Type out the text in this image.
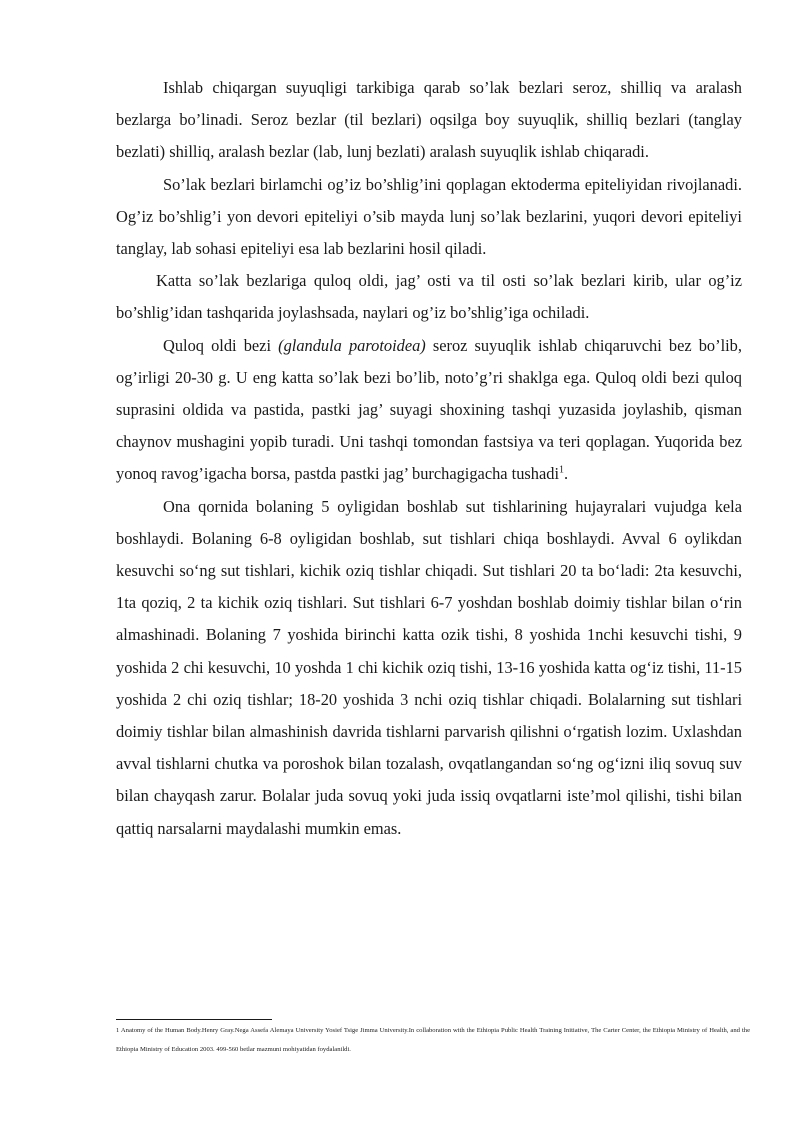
Ishlab chiqargan suyuqligi tarkibiga qarab so’lak bezlari seroz, shilliq va aralash bezlarga bo’linadi. Seroz bezlar (til bezlari) oqsilga boy suyuqlik, shilliq bezlari (tanglay bezlati) shilliq, aralash bezlar (lab, lunj bezlati) aralash suyuqlik ishlab chiqaradi.

So’lak bezlari birlamchi og’iz bo’shlig’ini qoplagan ektoderma epiteliyidan rivojlanadi. Og’iz bo’shlig’i yon devori epiteliyi o’sib mayda lunj so’lak bezlarini, yuqori devori epiteliyi tanglay, lab sohasi epiteliyi esa lab bezlarini hosil qiladi.

Katta so’lak bezlariga quloq oldi, jag’ osti va til osti so’lak bezlari kirib, ular og’iz bo’shlig’idan tashqarida joylashsada, naylari og’iz bo’shlig’iga ochiladi.

Quloq oldi bezi (glandula parotoidea) seroz suyuqlik ishlab chiqaruvchi bez bo’lib, og’irligi 20-30 g. U eng katta so’lak bezi bo’lib, noto’g’ri shaklga ega. Quloq oldi bezi quloq suprasini oldida va pastida, pastki jag’ suyagi shoxining tashqi yuzasida joylashib, qisman chaynov mushagini yopib turadi. Uni tashqi tomondan fastsiya va teri qoplagan. Yuqorida bez yonoq ravog’igacha borsa, pastda pastki jag’ burchagigacha tushadi$^1$.

Ona qornida bolaning 5 oyligidan boshlab sut tishlarining hujayralari vujudga kela boshlaydi. Bolaning 6-8 oyligidan boshlab, sut tishlari chiqa boshlaydi. Avval 6 oylikdan kesuvchi so‘ng sut tishlari, kichik oziq tishlar chiqadi. Sut tishlari 20 ta bo‘ladi: 2ta kesuvchi, 1ta qoziq, 2 ta kichik oziq tishlari. Sut tishlari 6-7 yoshdan boshlab doimiy tishlar bilan o‘rin almashinadi. Bolaning 7 yoshida birinchi katta ozik tishi, 8 yoshida 1nchi kesuvchi tishi, 9 yoshida 2 chi kesuvchi, 10 yoshda 1 chi kichik oziq tishi, 13-16 yoshida katta og‘iz tishi, 11-15 yoshida 2 chi oziq tishlar; 18-20 yoshida 3 nchi oziq tishlar chiqadi. Bolalarning sut tishlari doimiy tishlar bilan almashinish davrida tishlarni parvarish qilishni o‘rgatish lozim. Uxlashdan avval tishlarni chutka va poroshok bilan tozalash, ovqatlangandan so‘ng og‘izni iliq sovuq suv bilan chayqash zarur. Bolalar juda sovuq yoki juda issiq ovqatlarni iste’mol qilishi, tishi bilan qattiq narsalarni maydalashi mumkin emas.

1 Anatomy of the Human Body.Henry Gray.Nega Assefa Alemaya University Yosief Tsige Jimma University.In collaboration with the Ethiopia Public Health Training Initiative, The Carter Center, the Ethiopia Ministry of Health, and the Ethiopia Ministry of Education 2003. 499-560 betlar mazmuni mohiyatidan foydalanildi.
